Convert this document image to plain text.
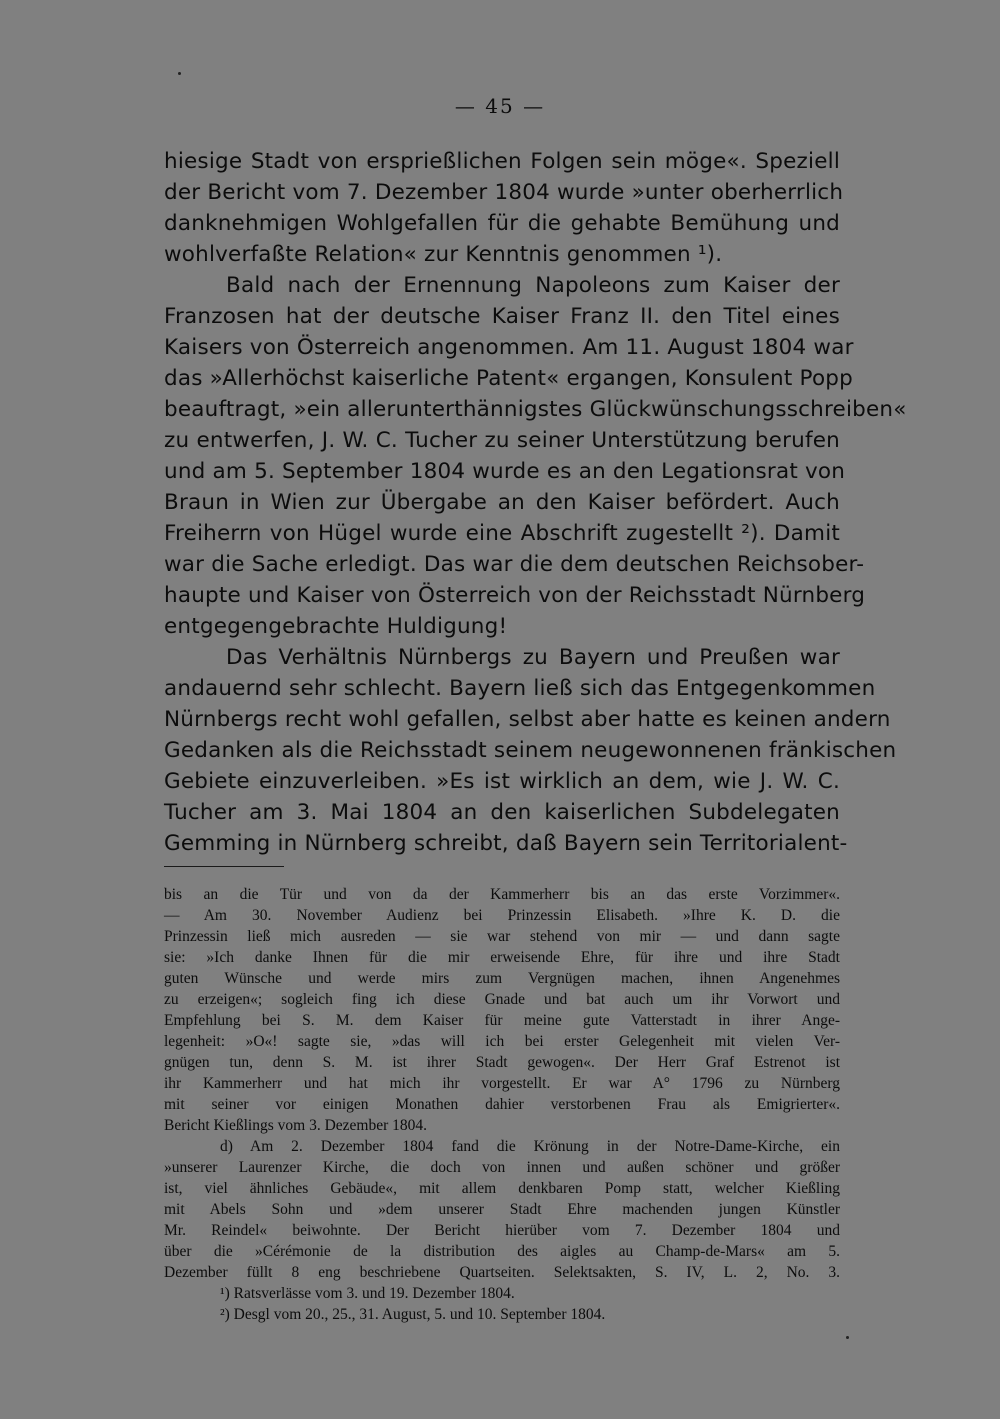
— 45 —
hiesige Stadt von ersprießlichen Folgen sein möge«. Speziell
der Bericht vom 7. Dezember 1804 wurde »unter oberherrlich
danknehmigen Wohlgefallen für die gehabte Bemühung und
wohlverfaßte Relation« zur Kenntnis genommen ¹).
Bald nach der Ernennung Napoleons zum Kaiser der
Franzosen hat der deutsche Kaiser Franz II. den Titel eines
Kaisers von Österreich angenommen. Am 11. August 1804 war
das »Allerhöchst kaiserliche Patent« ergangen, Konsulent Popp
beauftragt, »ein allerunterthännigstes Glückwünschungsschreiben«
zu entwerfen, J. W. C. Tucher zu seiner Unterstützung berufen
und am 5. September 1804 wurde es an den Legationsrat von
Braun in Wien zur Übergabe an den Kaiser befördert. Auch
Freiherrn von Hügel wurde eine Abschrift zugestellt ²). Damit
war die Sache erledigt. Das war die dem deutschen Reichsober-
haupte und Kaiser von Österreich von der Reichsstadt Nürnberg
entgegengebrachte Huldigung!
Das Verhältnis Nürnbergs zu Bayern und Preußen war
andauernd sehr schlecht. Bayern ließ sich das Entgegenkommen
Nürnbergs recht wohl gefallen, selbst aber hatte es keinen andern
Gedanken als die Reichsstadt seinem neugewonnenen fränkischen
Gebiete einzuverleiben. »Es ist wirklich an dem, wie J. W. C.
Tucher am 3. Mai 1804 an den kaiserlichen Subdelegaten
Gemming in Nürnberg schreibt, daß Bayern sein Territorialent-
bis an die Tür und von da der Kammerherr bis an das erste Vorzimmer«.
— Am 30. November Audienz bei Prinzessin Elisabeth. »Ihre K. D. die
Prinzessin ließ mich ausreden — sie war stehend von mir — und dann sagte
sie: »Ich danke Ihnen für die mir erweisende Ehre, für ihre und ihre Stadt
guten Wünsche und werde mirs zum Vergnügen machen, ihnen Angenehmes
zu erzeigen«; sogleich fing ich diese Gnade und bat auch um ihr Vorwort und
Empfehlung bei S. M. dem Kaiser für meine gute Vatterstadt in ihrer Ange-
legenheit: »O«! sagte sie, »das will ich bei erster Gelegenheit mit vielen Ver-
gnügen tun, denn S. M. ist ihrer Stadt gewogen«. Der Herr Graf Estrenot ist
ihr Kammerherr und hat mich ihr vorgestellt. Er war A° 1796 zu Nürnberg
mit seiner vor einigen Monathen dahier verstorbenen Frau als Emigrierter«.
Bericht Kießlings vom 3. Dezember 1804.
d) Am 2. Dezember 1804 fand die Krönung in der Notre-Dame-Kirche, ein
»unserer Laurenzer Kirche, die doch von innen und außen schöner und größer
ist, viel ähnliches Gebäude«, mit allem denkbaren Pomp statt, welcher Kießling
mit Abels Sohn und »dem unserer Stadt Ehre machenden jungen Künstler
Mr. Reindel« beiwohnte. Der Bericht hierüber vom 7. Dezember 1804 und
über die »Cérémonie de la distribution des aigles au Champ-de-Mars« am 5.
Dezember füllt 8 eng beschriebene Quartseiten. Selektsakten, S. IV, L. 2, No. 3.
¹) Ratsverlässe vom 3. und 19. Dezember 1804.
²) Desgl vom 20., 25., 31. August, 5. und 10. September 1804.
